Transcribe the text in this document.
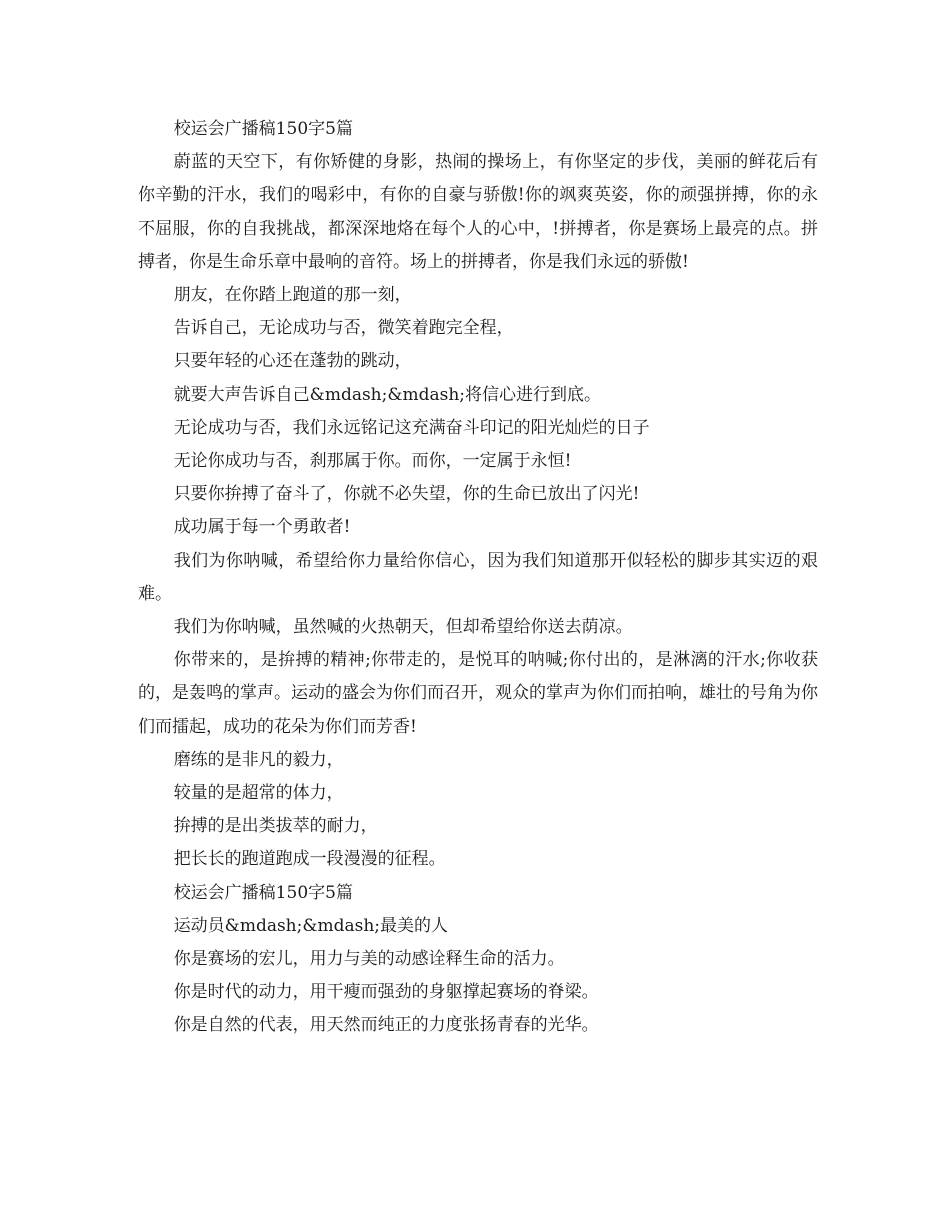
校运会广播稿150字5篇

蔚蓝的天空下，有你矫健的身影，热闹的操场上，有你坚定的步伐，美丽的鲜花后有你辛勤的汗水，我们的喝彩中，有你的自豪与骄傲!你的飒爽英姿，你的顽强拼搏，你的永不屈服，你的自我挑战，都深深地烙在每个人的心中，!拼搏者，你是赛场上最亮的点。拼搏者，你是生命乐章中最响的音符。场上的拼搏者，你是我们永远的骄傲!

朋友，在你踏上跑道的那一刻，

告诉自己，无论成功与否，微笑着跑完全程，

只要年轻的心还在蓬勃的跳动，

就要大声告诉自己&mdash;&mdash;将信心进行到底。

无论成功与否，我们永远铭记这充满奋斗印记的阳光灿烂的日子

无论你成功与否，刹那属于你。而你，一定属于永恒!

只要你拚搏了奋斗了，你就不必失望，你的生命已放出了闪光!

成功属于每一个勇敢者!

我们为你呐喊，希望给你力量给你信心，因为我们知道那开似轻松的脚步其实迈的艰难。

我们为你呐喊，虽然喊的火热朝天，但却希望给你送去荫凉。

你带来的，是拚搏的精神;你带走的，是悦耳的呐喊;你付出的，是淋漓的汗水;你收获的，是轰鸣的掌声。运动的盛会为你们而召开，观众的掌声为你们而拍响，雄壮的号角为你们而擂起，成功的花朵为你们而芳香!

磨练的是非凡的毅力，

较量的是超常的体力，

拚搏的是出类拔萃的耐力，

把长长的跑道跑成一段漫漫的征程。

校运会广播稿150字5篇

运动员&mdash;&mdash;最美的人

你是赛场的宏儿，用力与美的动感诠释生命的活力。

你是时代的动力，用干瘦而强劲的身躯撑起赛场的脊梁。

你是自然的代表，用天然而纯正的力度张扬青春的光华。
